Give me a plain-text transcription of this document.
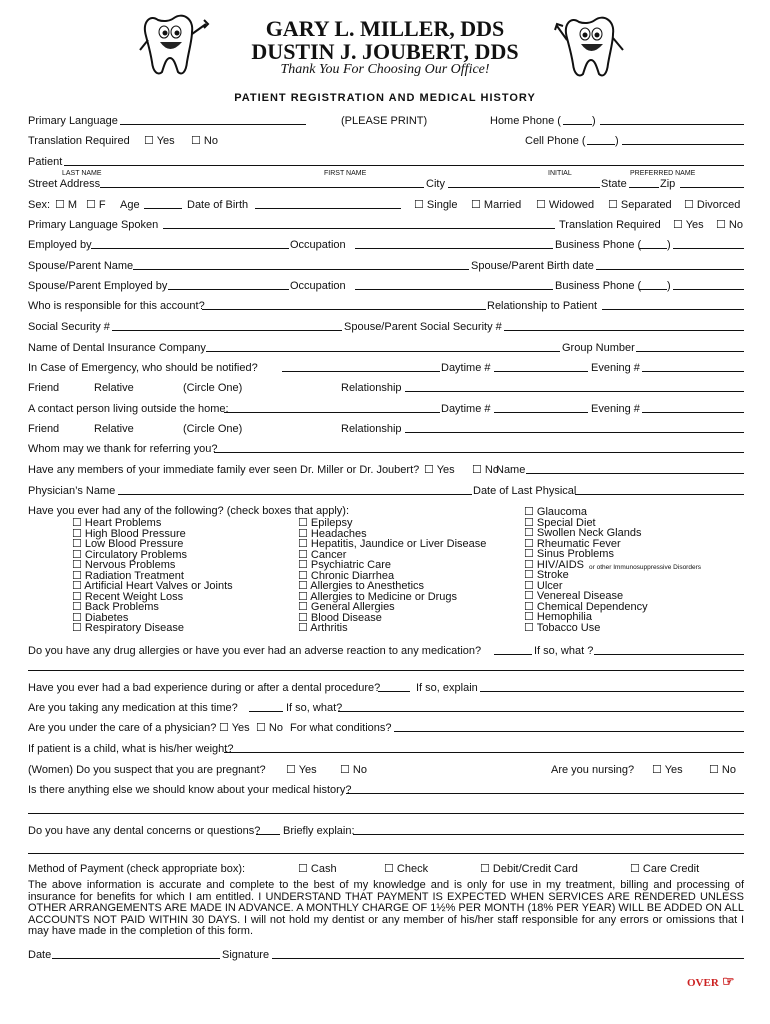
GARY L. MILLER, DDS
DUSTIN J. JOUBERT, DDS
Thank You For Choosing Our Office!
PATIENT REGISTRATION AND MEDICAL HISTORY
Primary Language	(PLEASE PRINT)	Home Phone (	)
Translation Required ☐ Yes ☐ No	Cell Phone (	)
Patient
LAST NAME	FIRST NAME	INITIAL	PREFERRED NAME
Street Address	City	State	Zip
Sex: ☐ M ☐ F Age	Date of Birth	☐ Single ☐ Married ☐ Widowed ☐ Separated ☐ Divorced
Primary Language Spoken	Translation Required ☐ Yes ☐ No
Employed by	Occupation	Business Phone ( )
Spouse/Parent Name	Spouse/Parent Birth date
Spouse/Parent Employed by	Occupation	Business Phone ( )
Who is responsible for this account?	Relationship to Patient
Social Security #	Spouse/Parent Social Security #
Name of Dental Insurance Company	Group Number
In Case of Emergency, who should be notified?	Daytime #	Evening #
Friend	Relative	(Circle One)	Relationship
A contact person living outside the home:	Daytime #	Evening #
Friend	Relative	(Circle One)	Relationship
Whom may we thank for referring you?
Have any members of your immediate family ever seen Dr. Miller or Dr. Joubert? ☐ Yes ☐ No
Name
Physician’s Name	Date of Last Physical
Have you ever had any of the following? (check boxes that apply):
☐ Heart Problems
☐ High Blood Pressure
☐ Low Blood Pressure
☐ Circulatory Problems
☐ Nervous Problems
☐ Radiation Treatment
☐ Artificial Heart Valves or Joints
☐ Recent Weight Loss
☐ Back Problems
☐ Diabetes
☐ Respiratory Disease
☐ Epilepsy
☐ Headaches
☐ Hepatitis, Jaundice or Liver Disease
☐ Cancer
☐ Psychiatric Care
☐ Chronic Diarrhea
☐ Allergies to Anesthetics
☐ Allergies to Medicine or Drugs
☐ General Allergies
☐ Blood Disease
☐ Arthritis
☐ Glaucoma
☐ Special Diet
☐ Swollen Neck Glands
☐ Rheumatic Fever
☐ Sinus Problems
☐ HIV/AIDS
☐ Stroke
☐ Ulcer
☐ Venereal Disease
☐ Chemical Dependency
☐ Hemophilia
☐ Tobacco Use
or other Immunosuppressive Disorders
Do you have any drug allergies or have you ever had an adverse reaction to any medication?	If so, what ?
Have you ever had a bad experience during or after a dental procedure?	If so, explain
Are you taking any medication at this time?	If so, what?
Are you under the care of a physician? ☐ Yes ☐ No For what conditions?
If patient is a child, what is his/her weight?
(Women) Do you suspect that you are pregnant? ☐ Yes ☐ No	Are you nursing? ☐ Yes ☐ No
Is there anything else we should know about your medical history?
Do you have any dental concerns or questions? Briefly explain:
Method of Payment (check appropriate box):	☐ Cash	☐ Check	☐ Debit/Credit Card	☐ Care Credit
The above information is accurate and complete to the best of my knowledge and is only for use in my treatment, billing and processing of insurance for benefits for which I am entitled. I UNDERSTAND THAT PAYMENT IS EXPECTED WHEN SERVICES ARE RENDERED UNLESS OTHER ARRANGEMENTS ARE MADE IN ADVANCE. A MONTHLY CHARGE OF 1½% PER MONTH (18% PER YEAR) WILL BE ADDED ON ALL ACCOUNTS NOT PAID WITHIN 30 DAYS. I will not hold my dentist or any member of his/her staff responsible for any errors or omissions that I may have made in the completion of this form.
Date	Signature
OVER ☞
